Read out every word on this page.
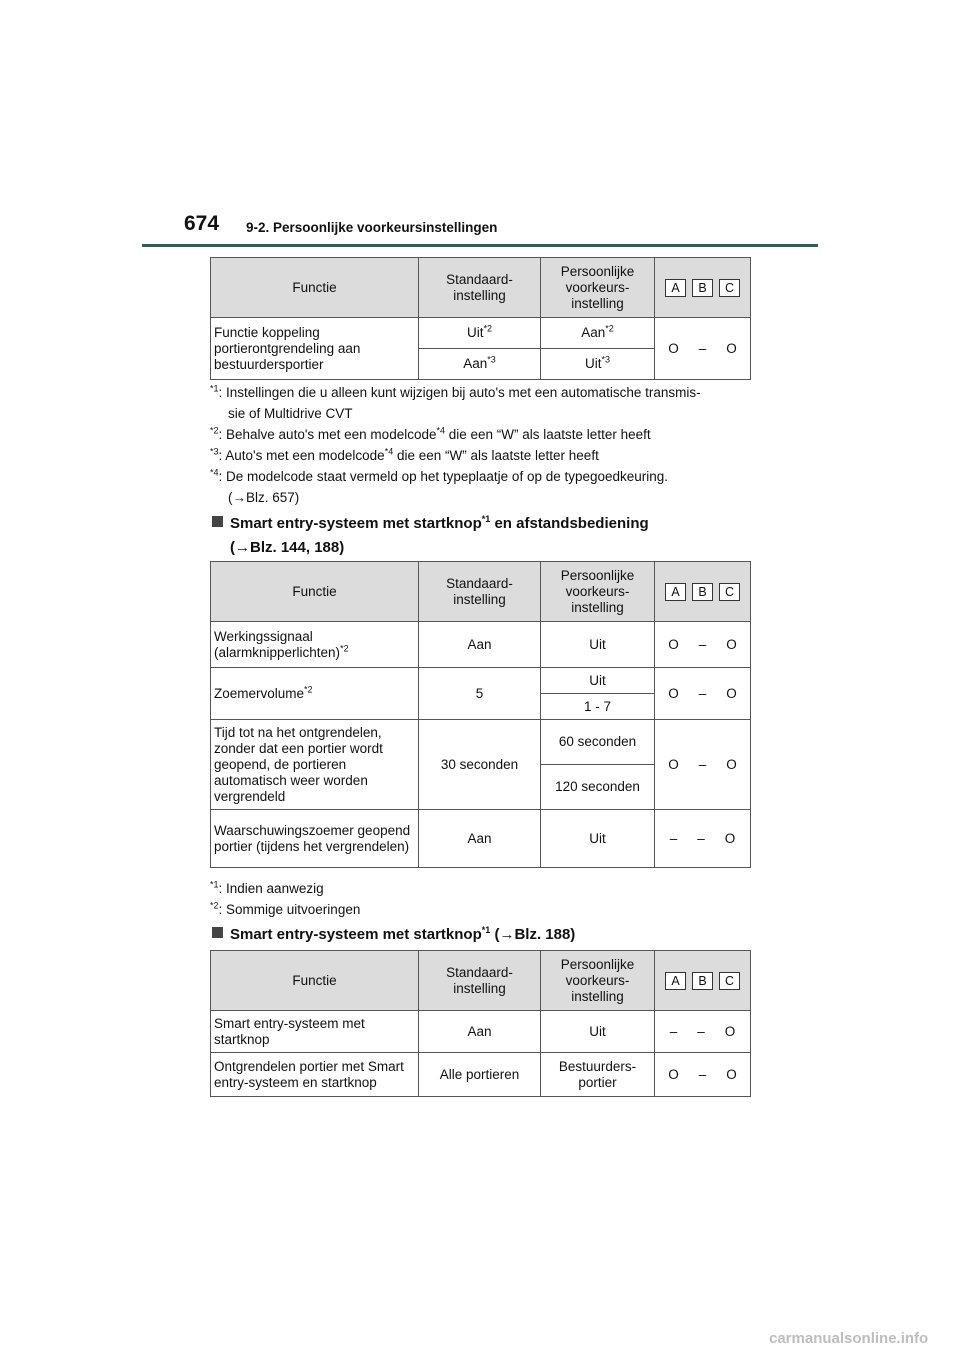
674 9-2. Persoonlijke voorkeursinstellingen
Functie	Standaard-instelling	Persoonlijke voorkeurs-instelling	A B C

Functie koppeling portierontgrendeling aan bestuurdersportier	Uit$^{*2}$	Aan$^{*2}$	O – O

	Aan$^{*3}$	Uit$^{*3}$
$^{*1}$: Instellingen die u alleen kunt wijzigen bij auto's met een automatische transmis-
sie of Multidrive CVT
$^{*2}$: Behalve auto's met een modelcode$^{*4}$ die een “W” als laatste letter heeft
$^{*3}$: Auto's met een modelcode$^{*4}$ die een “W” als laatste letter heeft
$^{*4}$: De modelcode staat vermeld op het typeplaatje of op de typegoedkeuring.
(→Blz. 657)
Smart entry-systeem met startknop$^{*1}$ en afstandsbediening
(→Blz. 144, 188)
Functie	Standaard-instelling	Persoonlijke voorkeurs-instelling	A B C

Werkingssignaal (alarmknipperlichten)$^{*2}$	Aan	Uit	O – O

Zoemervolume$^{*2}$	5	Uit	O – O

		1 - 7	
Tijd tot na het ontgrendelen, zonder dat een portier wordt geopend, de portieren automatisch weer worden vergrendeld	30 seconden	60 seconden	O – O

		120 seconden	
Waarschuwingszoemer geopend portier (tijdens het vergrendelen)	Aan	Uit	– – O
$^{*1}$: Indien aanwezig
$^{*2}$: Sommige uitvoeringen
Smart entry-systeem met startknop$^{*1}$ (→Blz. 188)
Functie	Standaard-instelling	Persoonlijke voorkeurs-instelling	A B C

Smart entry-systeem met startknop	Aan	Uit	– – O

Ontgrendelen portier met Smart entry-systeem en startknop	Alle portieren	Bestuurders-portier	O – O
carmanualsonline.info
